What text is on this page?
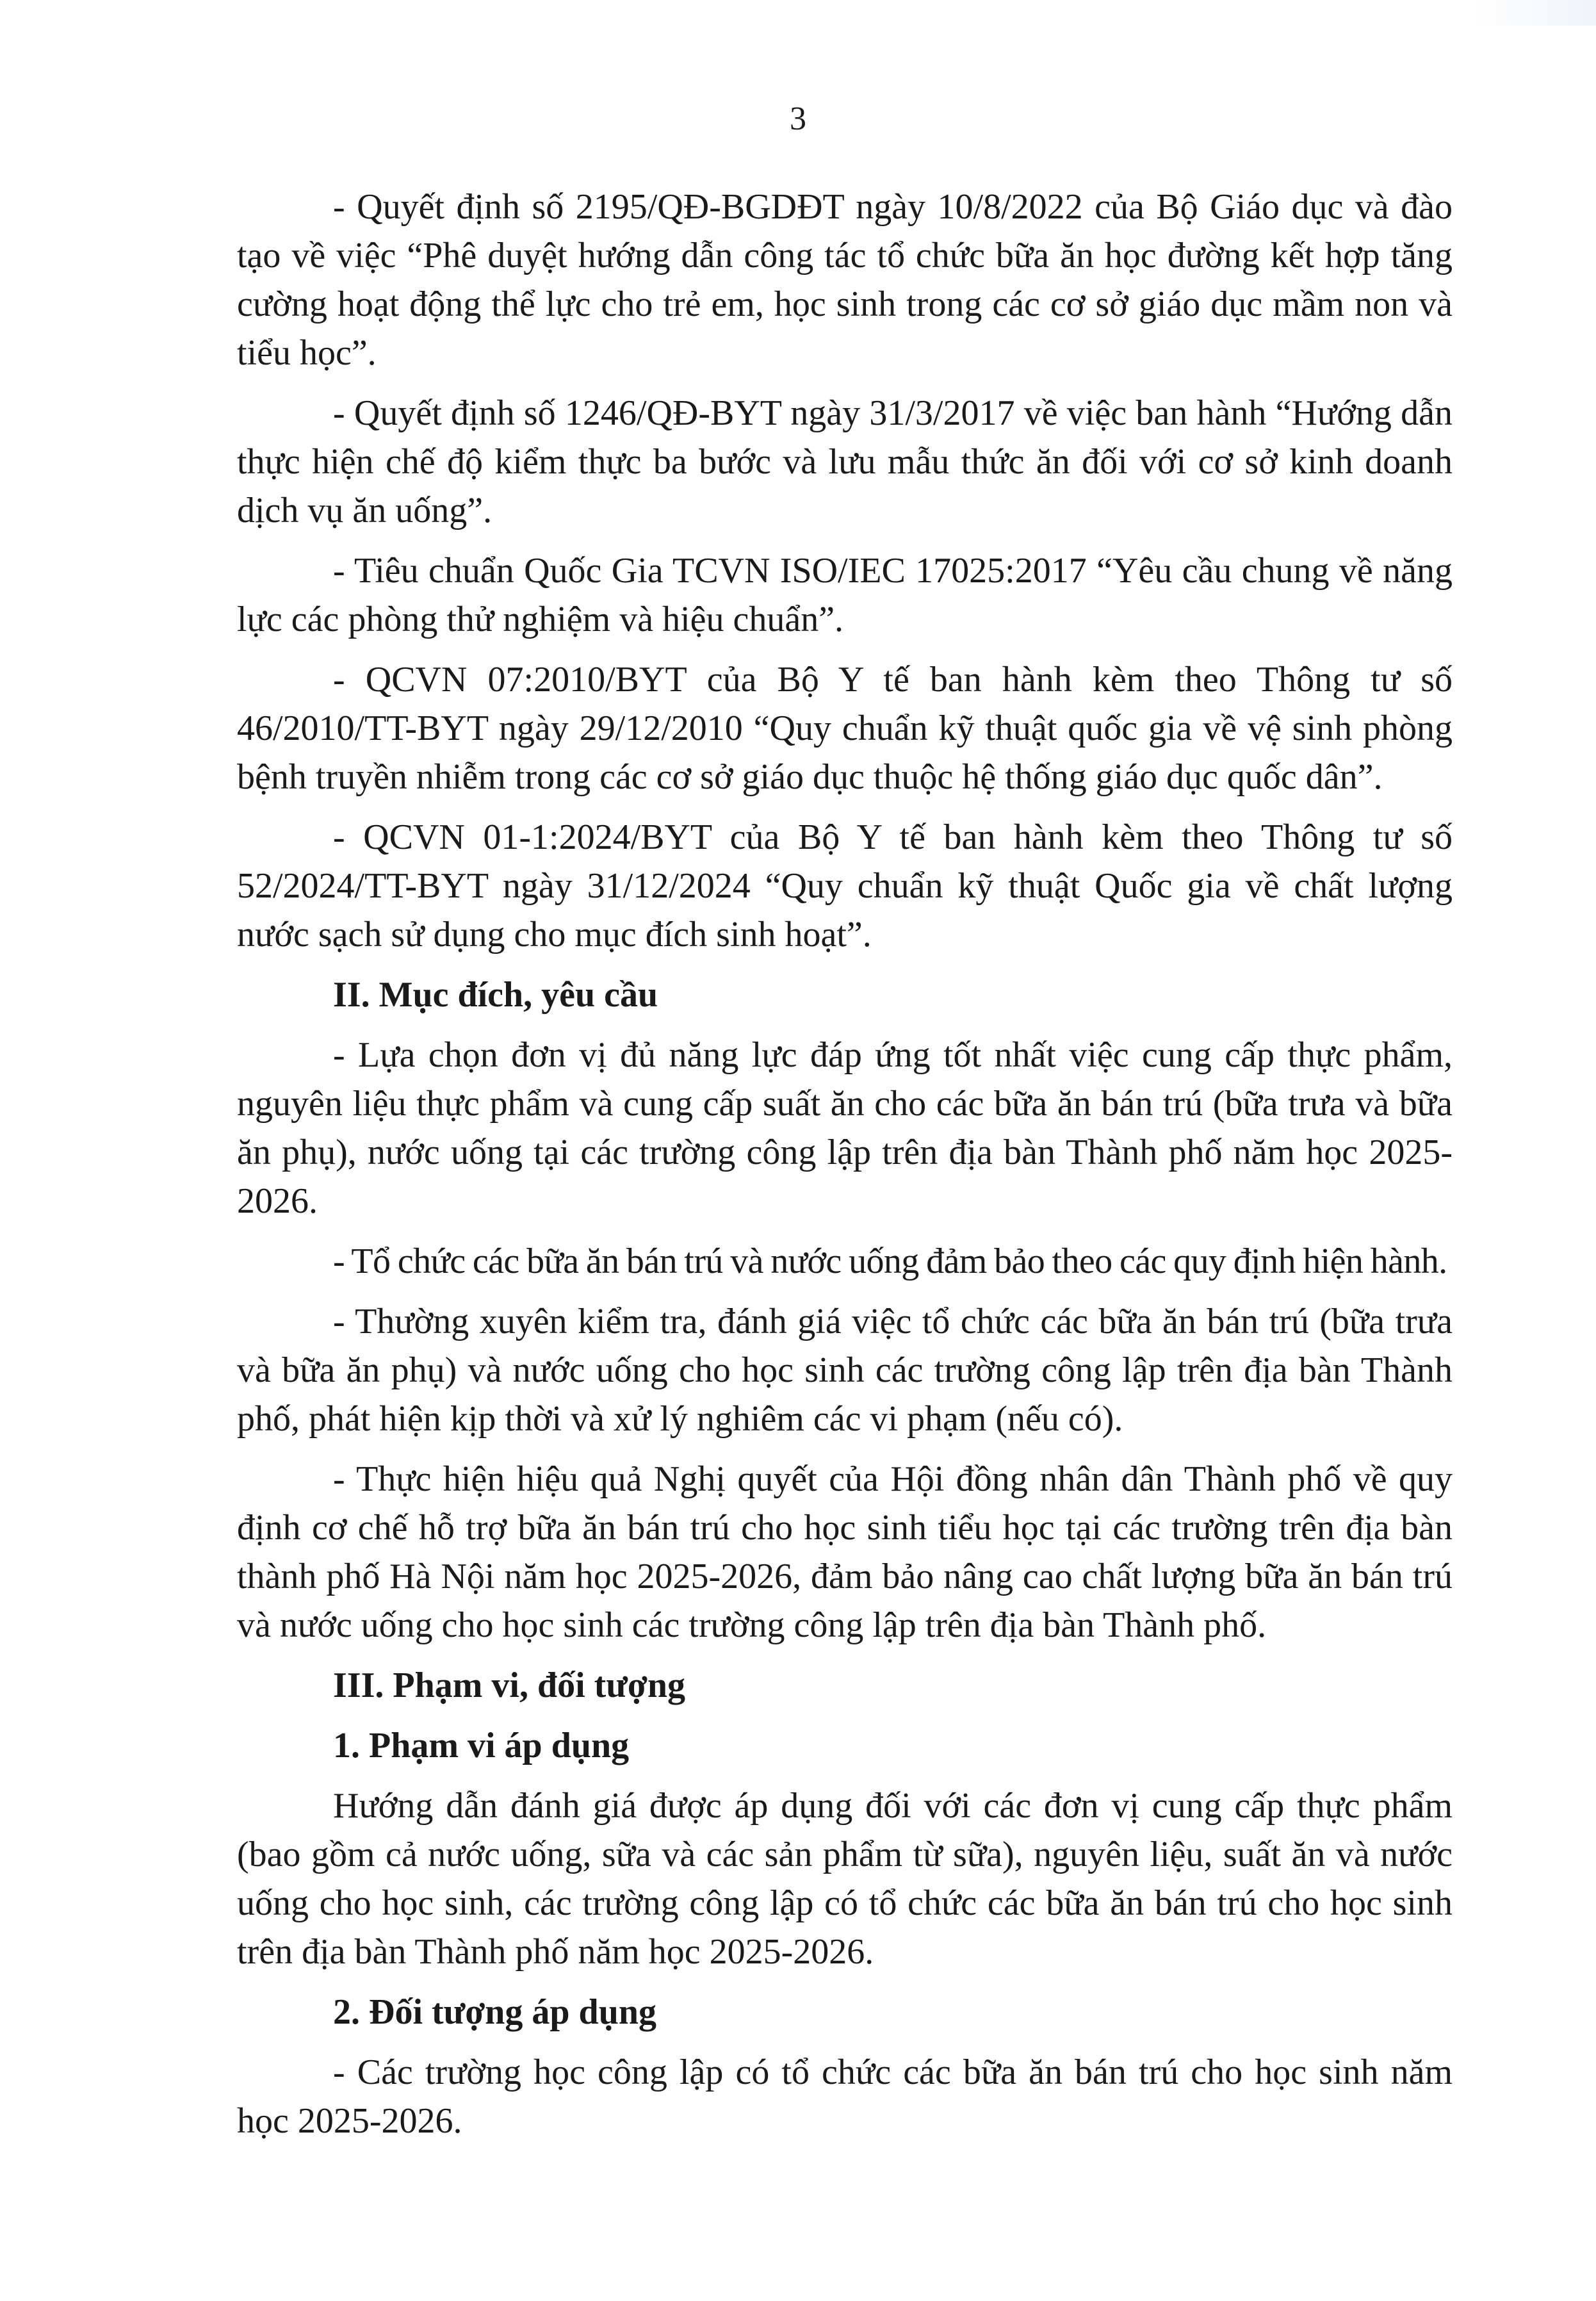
3

- Quyết định số 2195/QĐ-BGDĐT ngày 10/8/2022 của Bộ Giáo dục và đào tạo về việc “Phê duyệt hướng dẫn công tác tổ chức bữa ăn học đường kết hợp tăng cường hoạt động thể lực cho trẻ em, học sinh trong các cơ sở giáo dục mầm non và tiểu học”.

- Quyết định số 1246/QĐ-BYT ngày 31/3/2017 về việc ban hành “Hướng dẫn thực hiện chế độ kiểm thực ba bước và lưu mẫu thức ăn đối với cơ sở kinh doanh dịch vụ ăn uống”.

- Tiêu chuẩn Quốc Gia TCVN ISO/IEC 17025:2017 “Yêu cầu chung về năng lực các phòng thử nghiệm và hiệu chuẩn”.

- QCVN 07:2010/BYT của Bộ Y tế ban hành kèm theo Thông tư số 46/2010/TT-BYT ngày 29/12/2010 “Quy chuẩn kỹ thuật quốc gia về vệ sinh phòng bệnh truyền nhiễm trong các cơ sở giáo dục thuộc hệ thống giáo dục quốc dân”.

- QCVN 01-1:2024/BYT của Bộ Y tế ban hành kèm theo Thông tư số 52/2024/TT-BYT ngày 31/12/2024 “Quy chuẩn kỹ thuật Quốc gia về chất lượng nước sạch sử dụng cho mục đích sinh hoạt”.

II. Mục đích, yêu cầu

- Lựa chọn đơn vị đủ năng lực đáp ứng tốt nhất việc cung cấp thực phẩm, nguyên liệu thực phẩm và cung cấp suất ăn cho các bữa ăn bán trú (bữa trưa và bữa ăn phụ), nước uống tại các trường công lập trên địa bàn Thành phố năm học 2025-2026.

- Tổ chức các bữa ăn bán trú và nước uống đảm bảo theo các quy định hiện hành.

- Thường xuyên kiểm tra, đánh giá việc tổ chức các bữa ăn bán trú (bữa trưa và bữa ăn phụ) và nước uống cho học sinh các trường công lập trên địa bàn Thành phố, phát hiện kịp thời và xử lý nghiêm các vi phạm (nếu có).

- Thực hiện hiệu quả Nghị quyết của Hội đồng nhân dân Thành phố về quy định cơ chế hỗ trợ bữa ăn bán trú cho học sinh tiểu học tại các trường trên địa bàn thành phố Hà Nội năm học 2025-2026, đảm bảo nâng cao chất lượng bữa ăn bán trú và nước uống cho học sinh các trường công lập trên địa bàn Thành phố.

III. Phạm vi, đối tượng

1. Phạm vi áp dụng

Hướng dẫn đánh giá được áp dụng đối với các đơn vị cung cấp thực phẩm (bao gồm cả nước uống, sữa và các sản phẩm từ sữa), nguyên liệu, suất ăn và nước uống cho học sinh, các trường công lập có tổ chức các bữa ăn bán trú cho học sinh trên địa bàn Thành phố năm học 2025-2026.

2. Đối tượng áp dụng

- Các trường học công lập có tổ chức các bữa ăn bán trú cho học sinh năm học 2025-2026.
